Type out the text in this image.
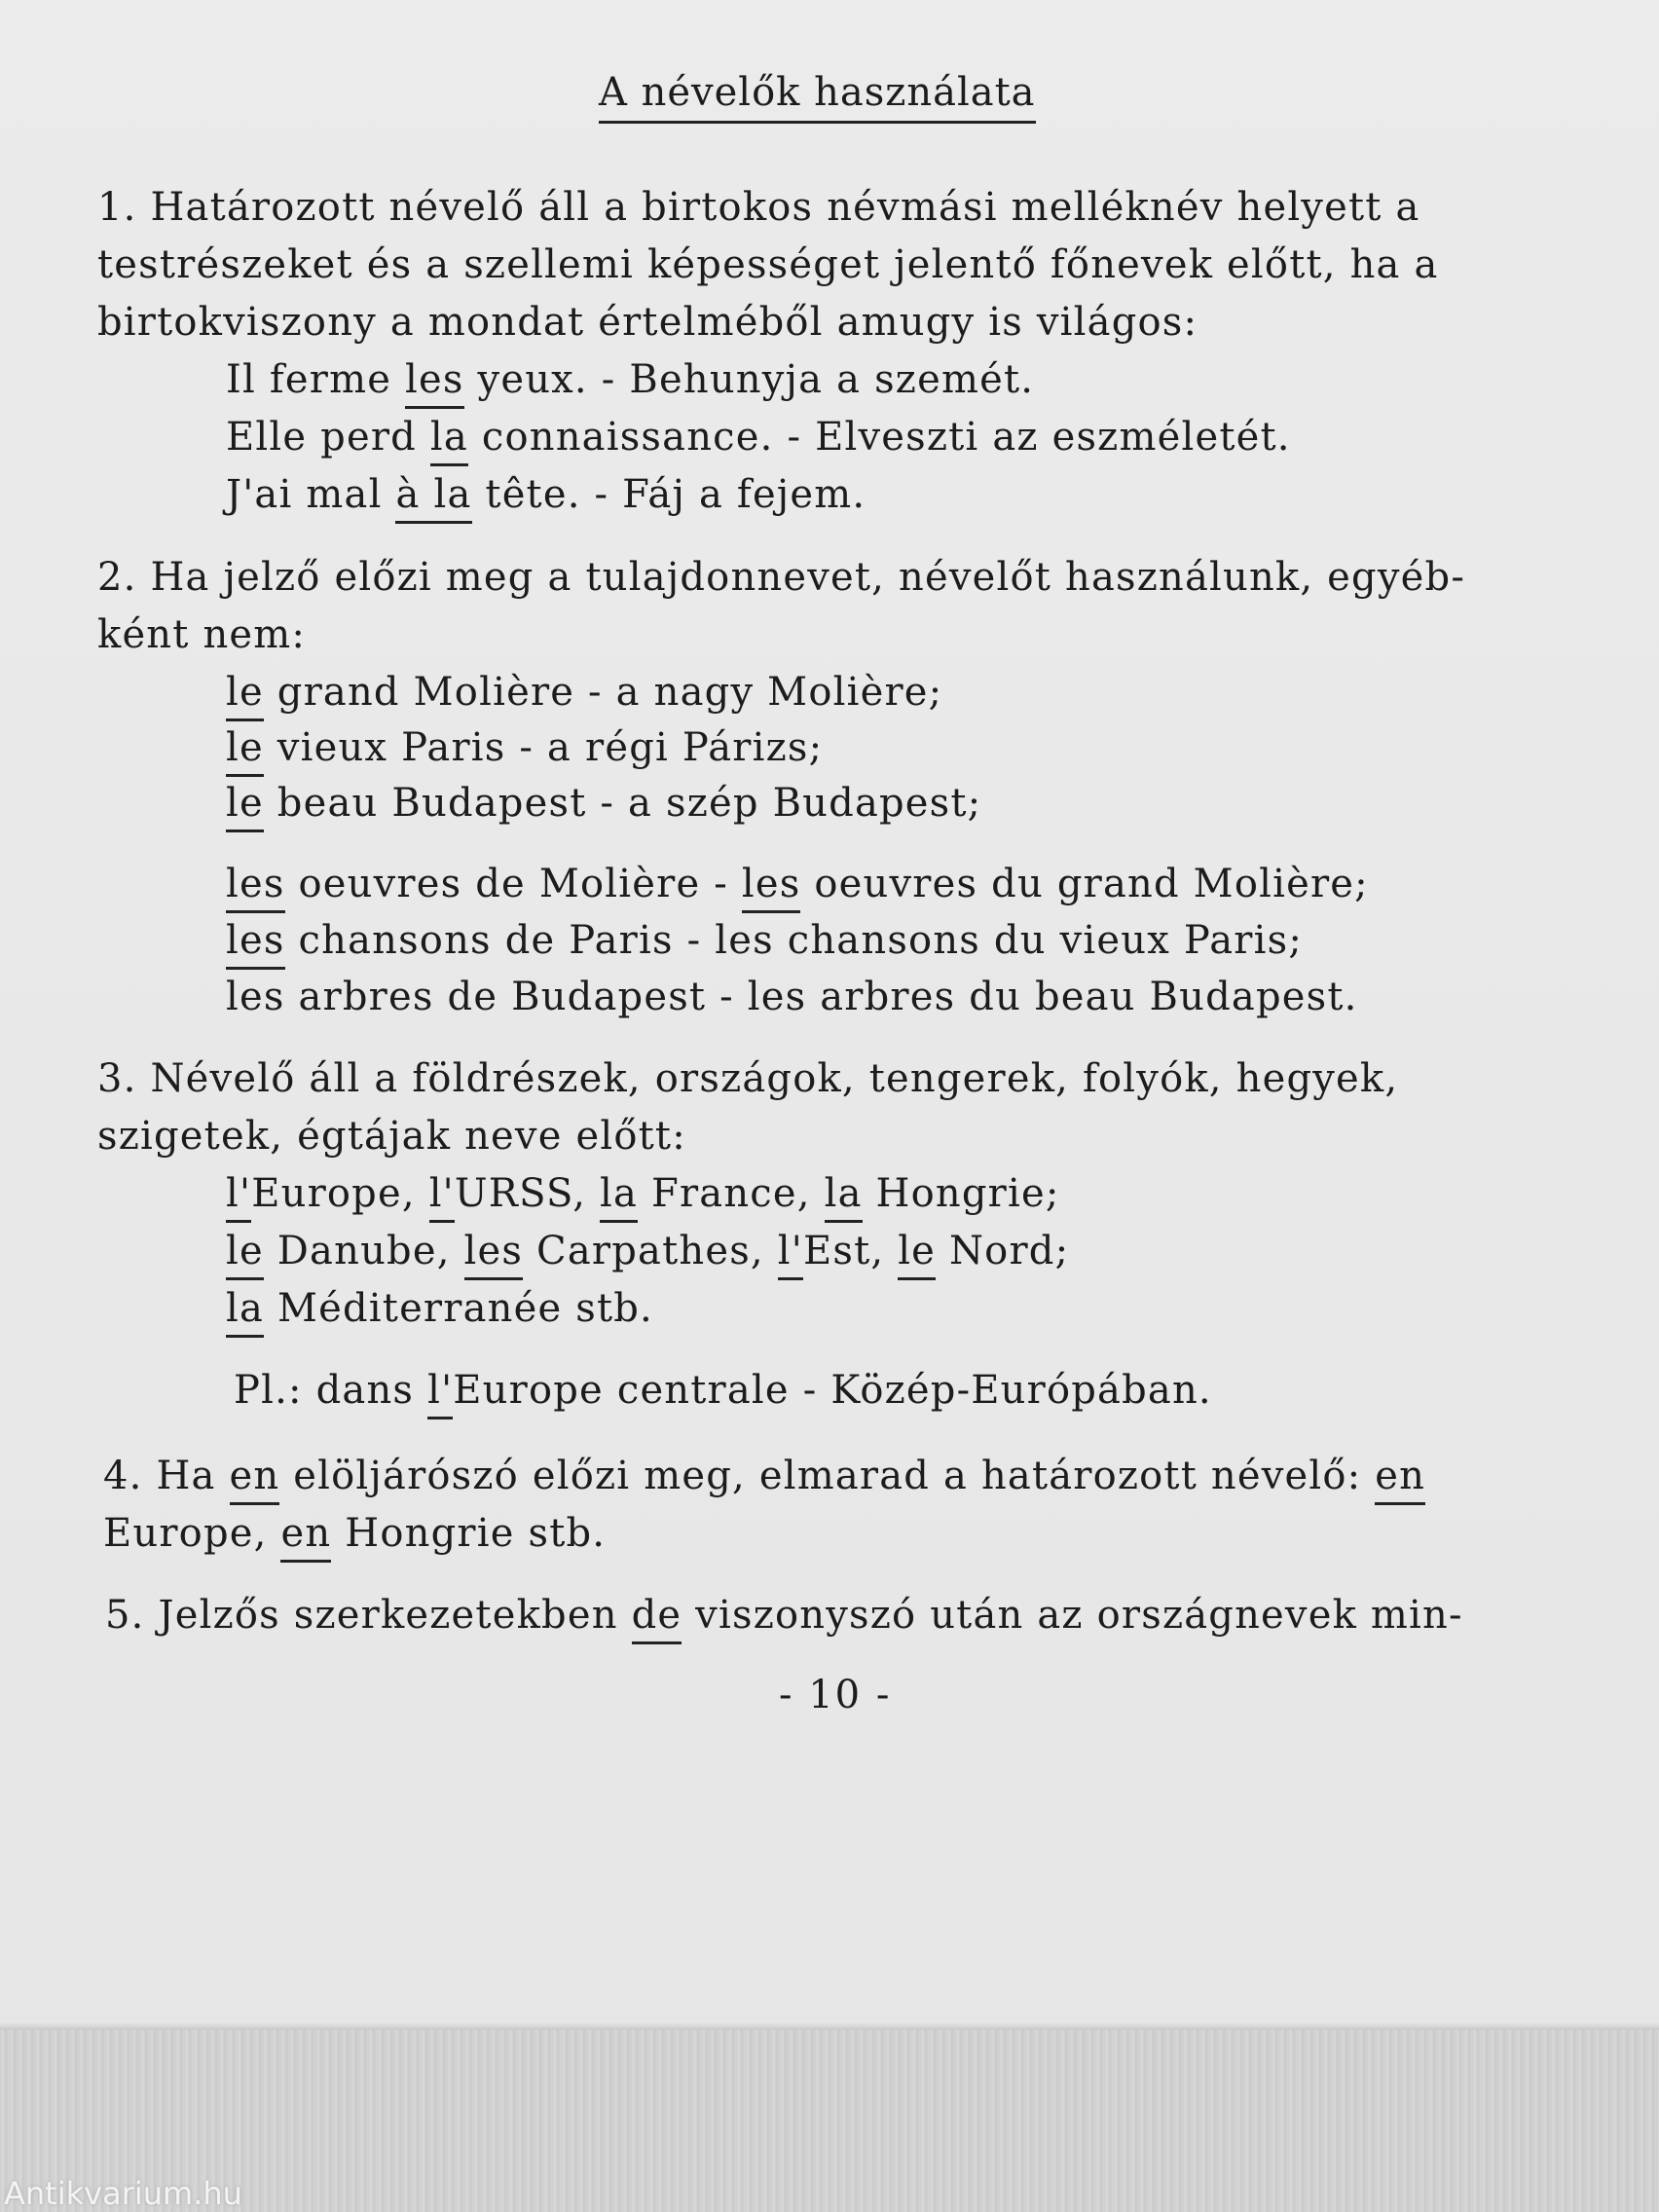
A névelők használata
1. Határozott névelő áll a birtokos névmási melléknév helyett a
testrészeket és a szellemi képességet jelentő főnevek előtt, ha a
birtokviszony a mondat értelméből amugy is világos:
Il ferme les yeux. - Behunyja a szemét.
Elle perd la connaissance. - Elveszti az eszméletét.
J'ai mal à la tête. - Fáj a fejem.
2. Ha jelző előzi meg a tulajdonnevet, névelőt használunk, egyéb-
ként nem:
le grand Molière - a nagy Molière;
le vieux Paris - a régi Párizs;
le beau Budapest - a szép Budapest;
les oeuvres de Molière - les oeuvres du grand Molière;
les chansons de Paris - les chansons du vieux Paris;
les arbres de Budapest - les arbres du beau Budapest.
3. Névelő áll a földrészek, országok, tengerek, folyók, hegyek,
szigetek, égtájak neve előtt:
l'Europe, l'URSS, la France, la Hongrie;
le Danube, les Carpathes, l'Est, le Nord;
la Méditerranée stb.
Pl.: dans l'Europe centrale - Közép-Európában.
4. Ha en elöljárószó előzi meg, elmarad a határozott névelő: en
Europe, en Hongrie stb.
5. Jelzős szerkezetekben de viszonyszó után az országnevek min-
- 10 -
Antikvarium.hu
